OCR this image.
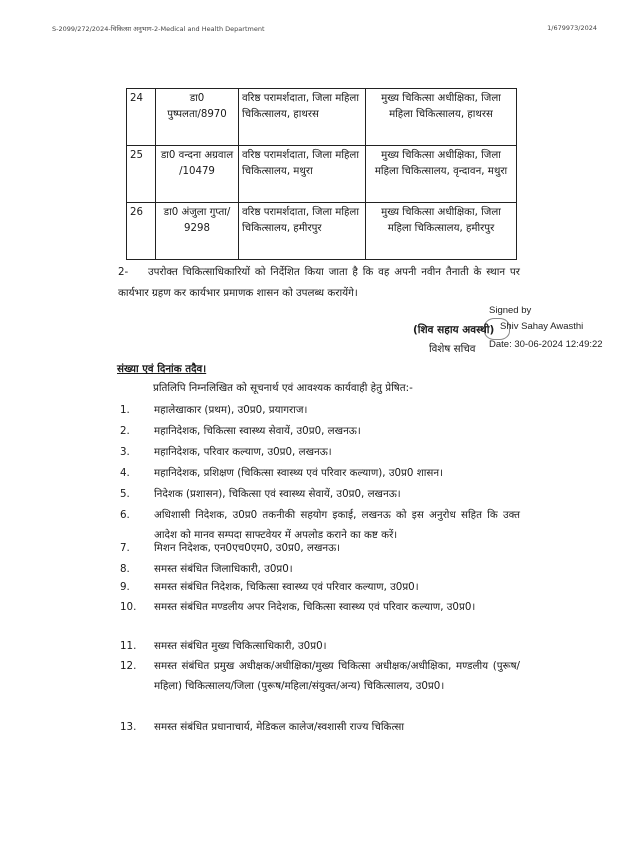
S-2099/272/2024-चिकित्सा अनुभाग-2-Medical and Health Department	1/679973/2024
24	डा0 पुष्पलता/8970	वरिष्ठ परामर्शदाता, जिला महिला चिकित्सालय, हाथरस	मुख्य चिकित्सा अधीक्षिका, जिला महिला चिकित्सालय, हाथरस
25	डा0 वन्दना अग्रवाल /10479	वरिष्ठ परामर्शदाता, जिला महिला चिकित्सालय, मथुरा	मुख्य चिकित्सा अधीक्षिका, जिला महिला चिकित्सालय, वृन्दावन, मथुरा
26	डा0 अंजुला गुप्ता/ 9298	वरिष्ठ परामर्शदाता, जिला महिला चिकित्सालय, हमीरपुर	मुख्य चिकित्सा अधीक्षिका, जिला महिला चिकित्सालय, हमीरपुर
2- उपरोक्त चिकित्साधिकारियों को निर्देशित किया जाता है कि वह अपनी नवीन तैनाती के स्थान पर कार्यभार ग्रहण कर कार्यभार प्रमाणक शासन को उपलब्ध करायेंगे।
Signed by
(शिव सहाय अवस्थी) Shiv Sahay Awasthi
विशेष सचिव Date: 30-06-2024 12:49:22
संख्या एवं दिनांक तदैव।
प्रतिलिपि निम्नलिखित को सूचनार्थ एवं आवश्यक कार्यवाही हेतु प्रेषित:-
1.	महालेखाकार (प्रथम), उ0प्र0, प्रयागराज।
2.	महानिदेशक, चिकित्सा स्वास्थ्य सेवायें, उ0प्र0, लखनऊ।
3.	महानिदेशक, परिवार कल्याण, उ0प्र0, लखनऊ।
4.	महानिदेशक, प्रशिक्षण (चिकित्सा स्वास्थ्य एवं परिवार कल्याण), उ0प्र0 शासन।
5.	निदेशक (प्रशासन), चिकित्सा एवं स्वास्थ्य सेवायें, उ0प्र0, लखनऊ।
6.	अधिशासी निदेशक, उ0प्र0 तकनीकी सहयोग इकाई, लखनऊ को इस अनुरोध सहित कि उक्त आदेश को मानव सम्पदा साफ्टवेयर में अपलोड कराने का कष्ट करें।
7.	मिशन निदेशक, एन0एच0एम0, उ0प्र0, लखनऊ।
8.	समस्त संबंधित जिलाधिकारी, उ0प्र0।
9.	समस्त संबंधित निदेशक, चिकित्सा स्वास्थ्य एवं परिवार कल्याण, उ0प्र0।
10.	समस्त संबंधित मण्डलीय अपर निदेशक, चिकित्सा स्वास्थ्य एवं परिवार कल्याण, उ0प्र0।
11.	समस्त संबंधित मुख्य चिकित्साधिकारी, उ0प्र0।
12.	समस्त संबंधित प्रमुख अधीक्षक/अधीक्षिका/मुख्य चिकित्सा अधीक्षक/अधीक्षिका, मण्डलीय (पुरूष/महिला) चिकित्सालय/जिला (पुरूष/महिला/संयुक्त/अन्य) चिकित्सालय, उ0प्र0।
13.	समस्त संबंधित प्रधानाचार्य, मेडिकल कालेज/स्वशासी राज्य चिकित्सा
